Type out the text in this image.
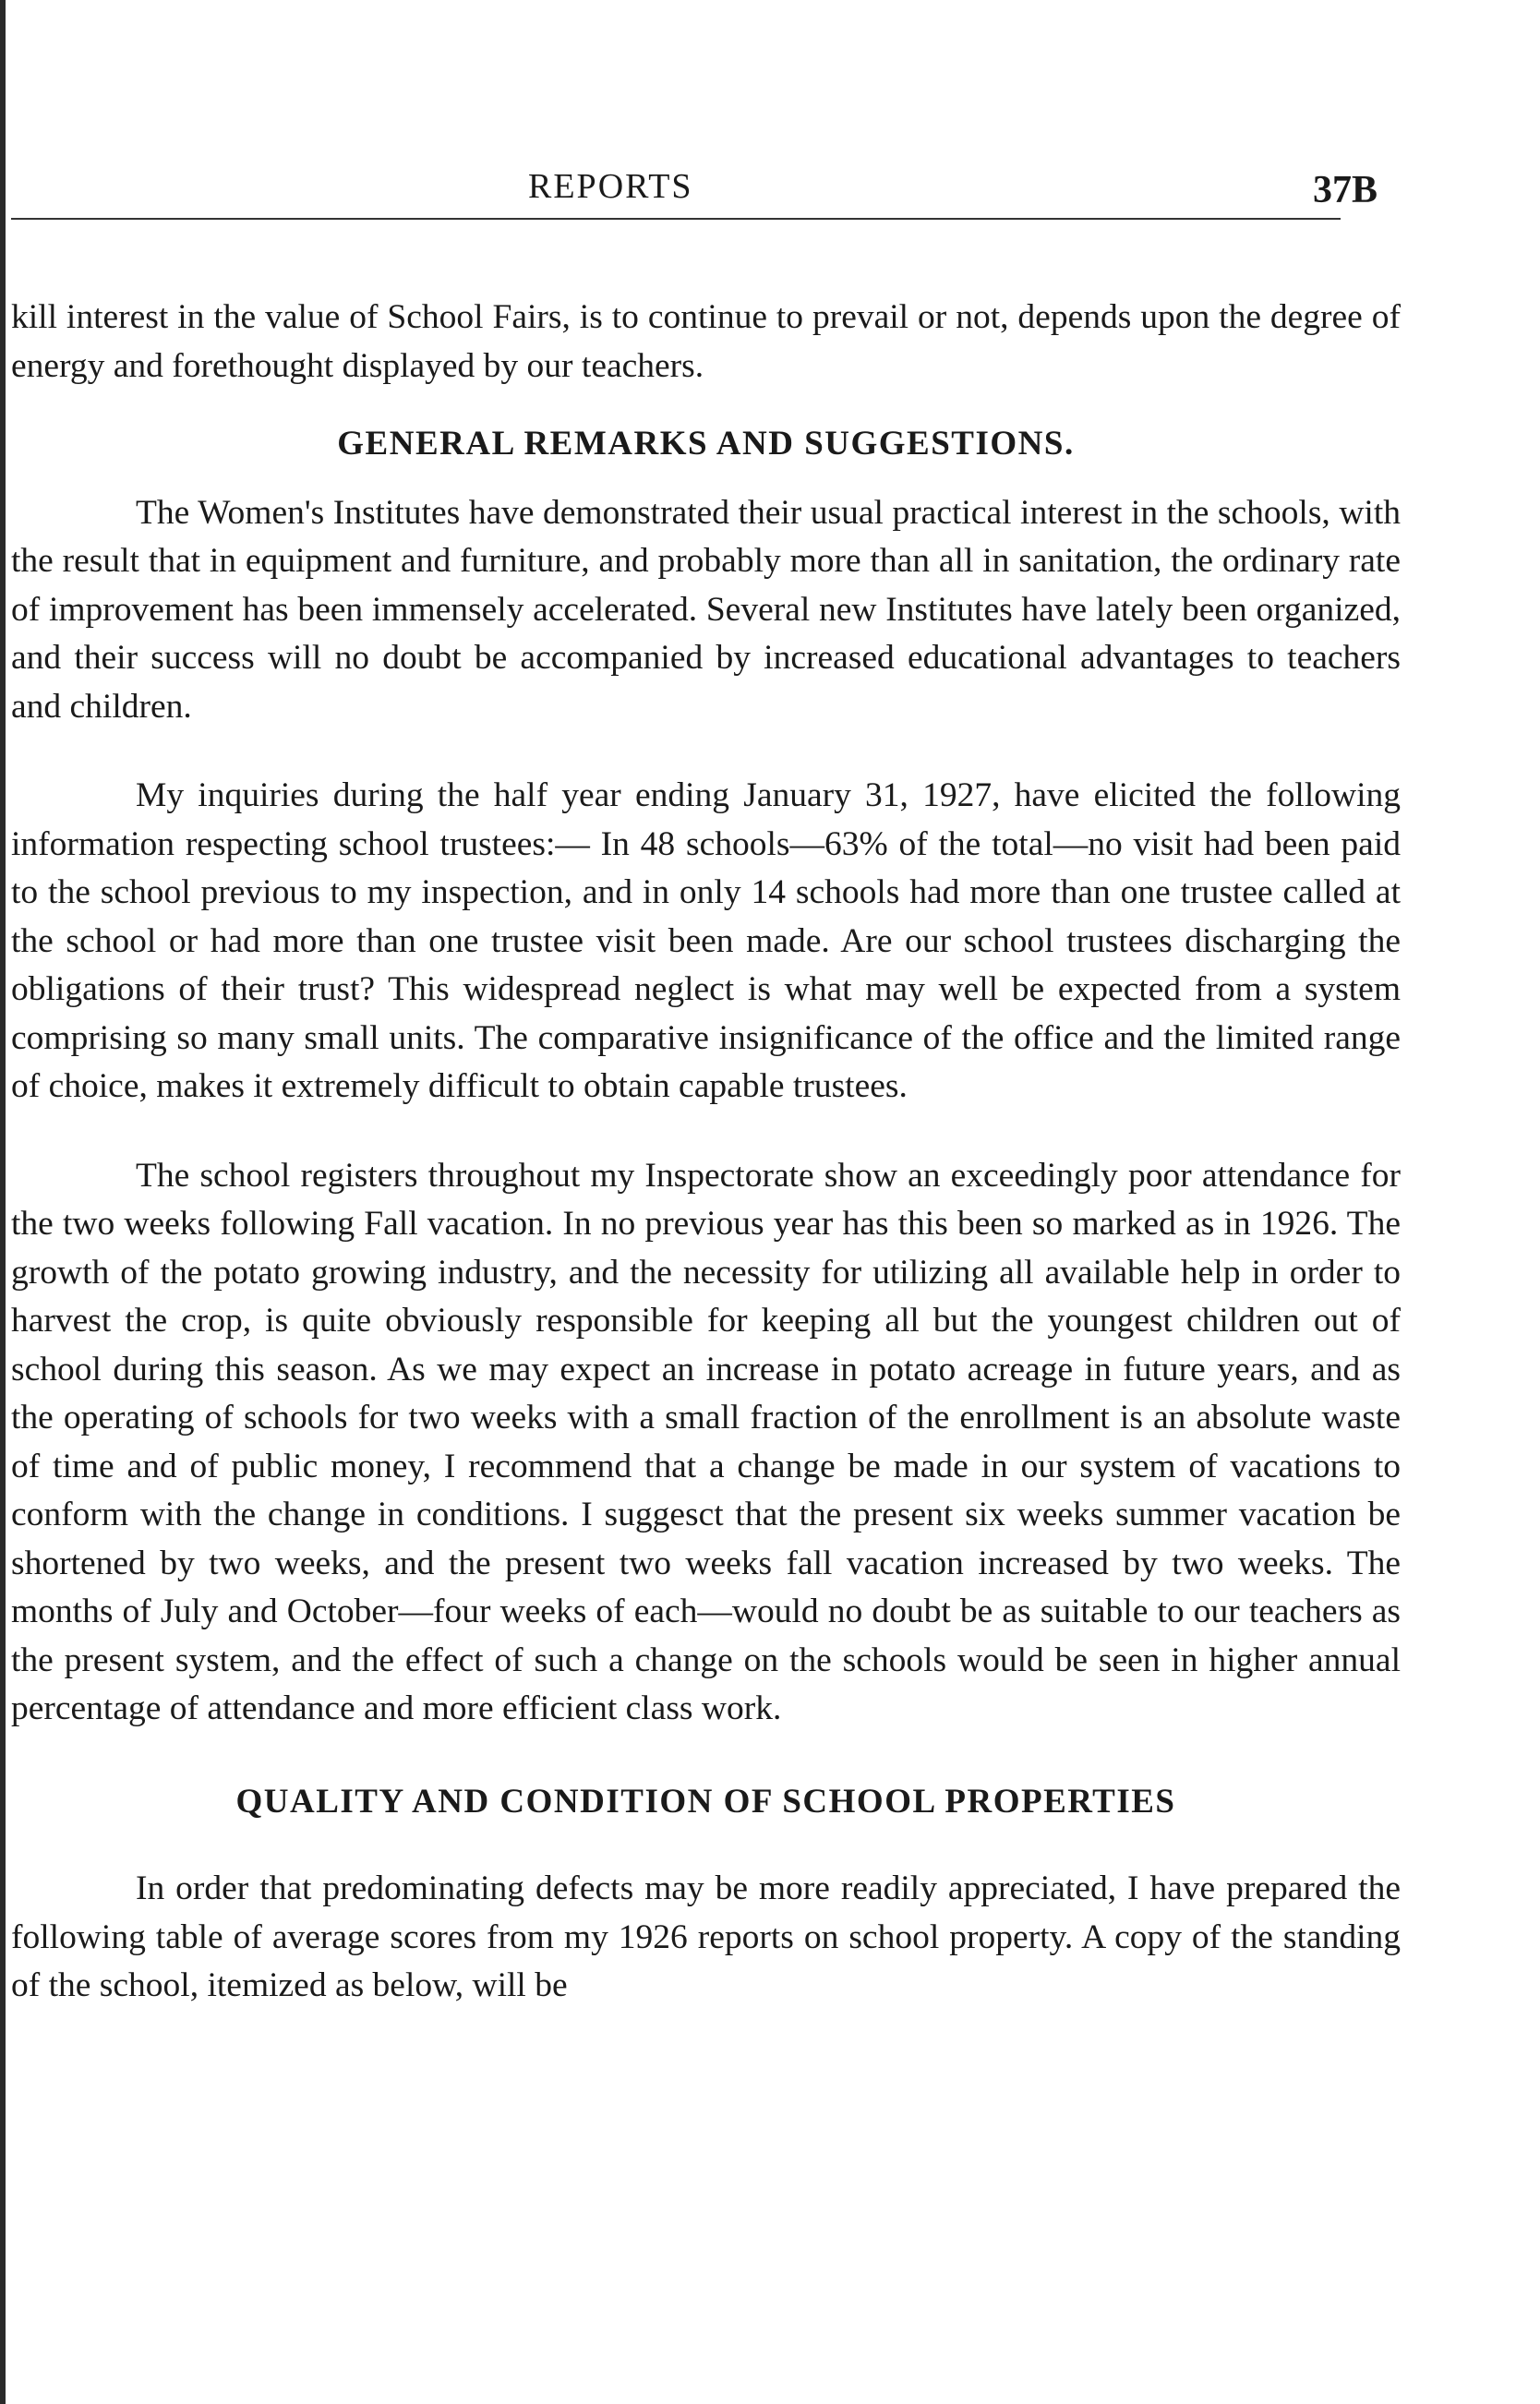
REPORTS	37B

kill interest in the value of School Fairs, is to continue to prevail or not, depends upon the degree of energy and forethought displayed by our teachers.

GENERAL REMARKS AND SUGGESTIONS.

The Women's Institutes have demonstrated their usual practical interest in the schools, with the result that in equipment and furniture, and probably more than all in sanitation, the ordinary rate of improvement has been immensely accelerated. Several new Institutes have lately been organized, and their success will no doubt be accompanied by increased educational advantages to teachers and children.

My inquiries during the half year ending January 31, 1927, have elicited the following information respecting school trustees:— In 48 schools—63% of the total—no visit had been paid to the school previous to my inspection, and in only 14 schools had more than one trustee called at the school or had more than one trustee visit been made. Are our school trustees discharging the obligations of their trust? This widespread neglect is what may well be expected from a system comprising so many small units. The comparative insignificance of the office and the limited range of choice, makes it extremely difficult to obtain capable trustees.

The school registers throughout my Inspectorate show an exceedingly poor attendance for the two weeks following Fall vacation. In no previous year has this been so marked as in 1926. The growth of the potato growing industry, and the necessity for utilizing all available help in order to harvest the crop, is quite obviously responsible for keeping all but the youngest children out of school during this season. As we may expect an increase in potato acreage in future years, and as the operating of schools for two weeks with a small fraction of the enrollment is an absolute waste of time and of public money, I recommend that a change be made in our system of vacations to conform with the change in conditions. I suggesct that the present six weeks summer vacation be shortened by two weeks, and the present two weeks fall vacation increased by two weeks. The months of July and October—four weeks of each—would no doubt be as suitable to our teachers as the present system, and the effect of such a change on the schools would be seen in higher annual percentage of attendance and more efficient class work.

QUALITY AND CONDITION OF SCHOOL PROPERTIES

In order that predominating defects may be more readily appreciated, I have prepared the following table of average scores from my 1926 reports on school property. A copy of the standing of the school, itemized as below, will be
